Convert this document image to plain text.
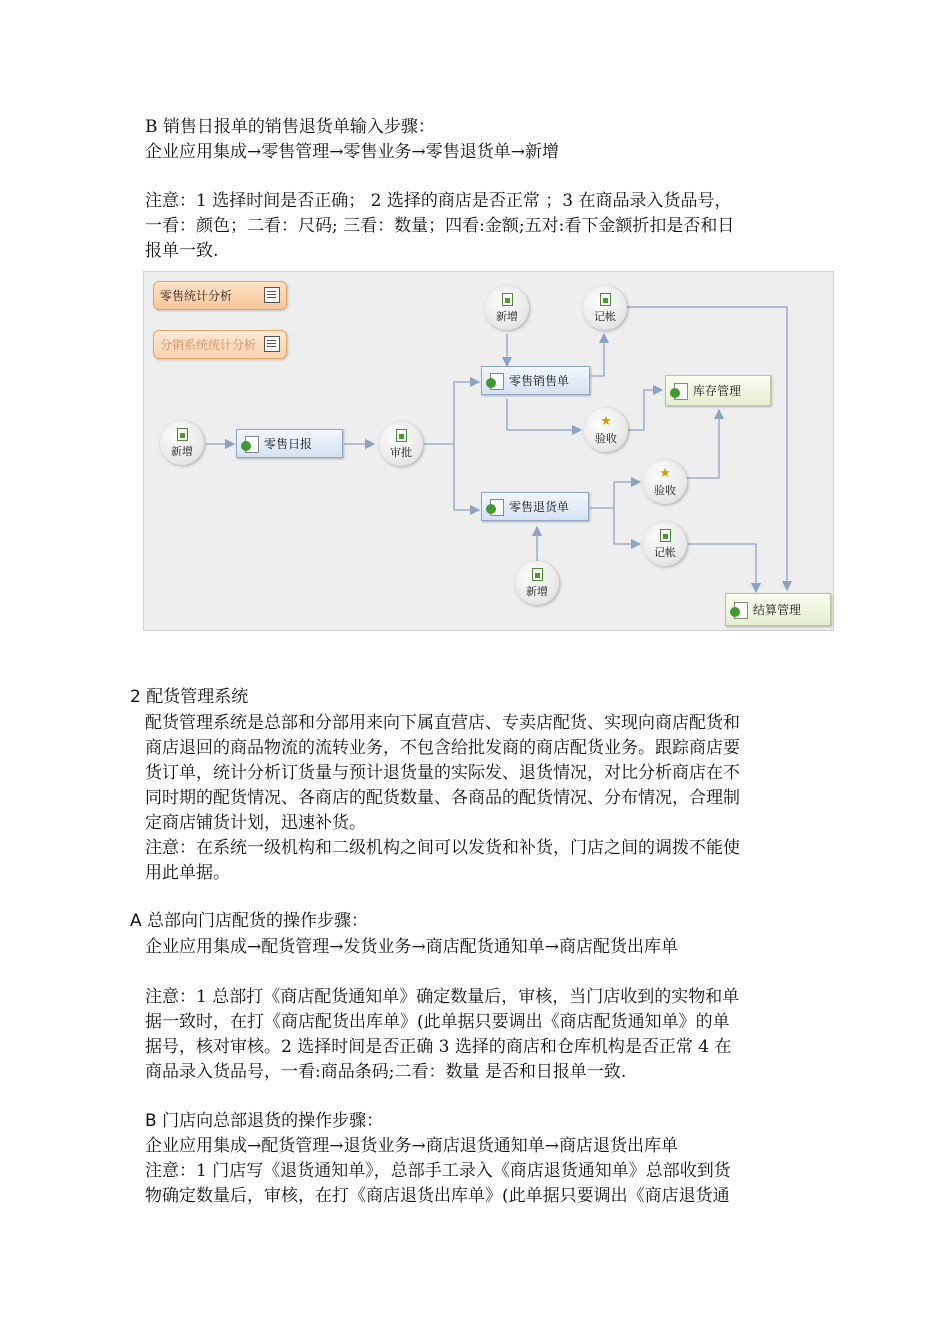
B 销售日报单的销售退货单输入步骤：
企业应用集成→零售管理→零售业务→零售退货单→新增
注意：1 选择时间是否正确； 2 选择的商店是否正常 ；3 在商品录入货品号，
一看：颜色；二看：尺码; 三看：数量；四看:金额;五对:看下金额折扣是否和日
报单一致.
零售统计分析
分销系统统计分析
零售日报
零售销售单
零售退货单
库存管理
结算管理
新增	审批
新增	记帐
★
验收
★
验收
记帐
新增
2 配货管理系统
配货管理系统是总部和分部用来向下属直营店、专卖店配货、实现向商店配货和
商店退回的商品物流的流转业务，不包含给批发商的商店配货业务。跟踪商店要
货订单，统计分析订货量与预计退货量的实际发、退货情况，对比分析商店在不
同时期的配货情况、各商店的配货数量、各商品的配货情况、分布情况，合理制
定商店铺货计划，迅速补货。
注意：在系统一级机构和二级机构之间可以发货和补货，门店之间的调拨不能使
用此单据。
A 总部向门店配货的操作步骤：
企业应用集成→配货管理→发货业务→商店配货通知单→商店配货出库单
注意：1 总部打《商店配货通知单》确定数量后，审核，当门店收到的实物和单
据一致时，在打《商店配货出库单》(此单据只要调出《商店配货通知单》的单
据号，核对审核。2 选择时间是否正确 3 选择的商店和仓库机构是否正常 4 在
商品录入货品号，一看:商品条码;二看：数量 是否和日报单一致.
B 门店向总部退货的操作步骤：
企业应用集成→配货管理→退货业务→商店退货通知单→商店退货出库单
注意：1 门店写《退货通知单》，总部手工录入《商店退货通知单》总部收到货
物确定数量后，审核，在打《商店退货出库单》(此单据只要调出《商店退货通
